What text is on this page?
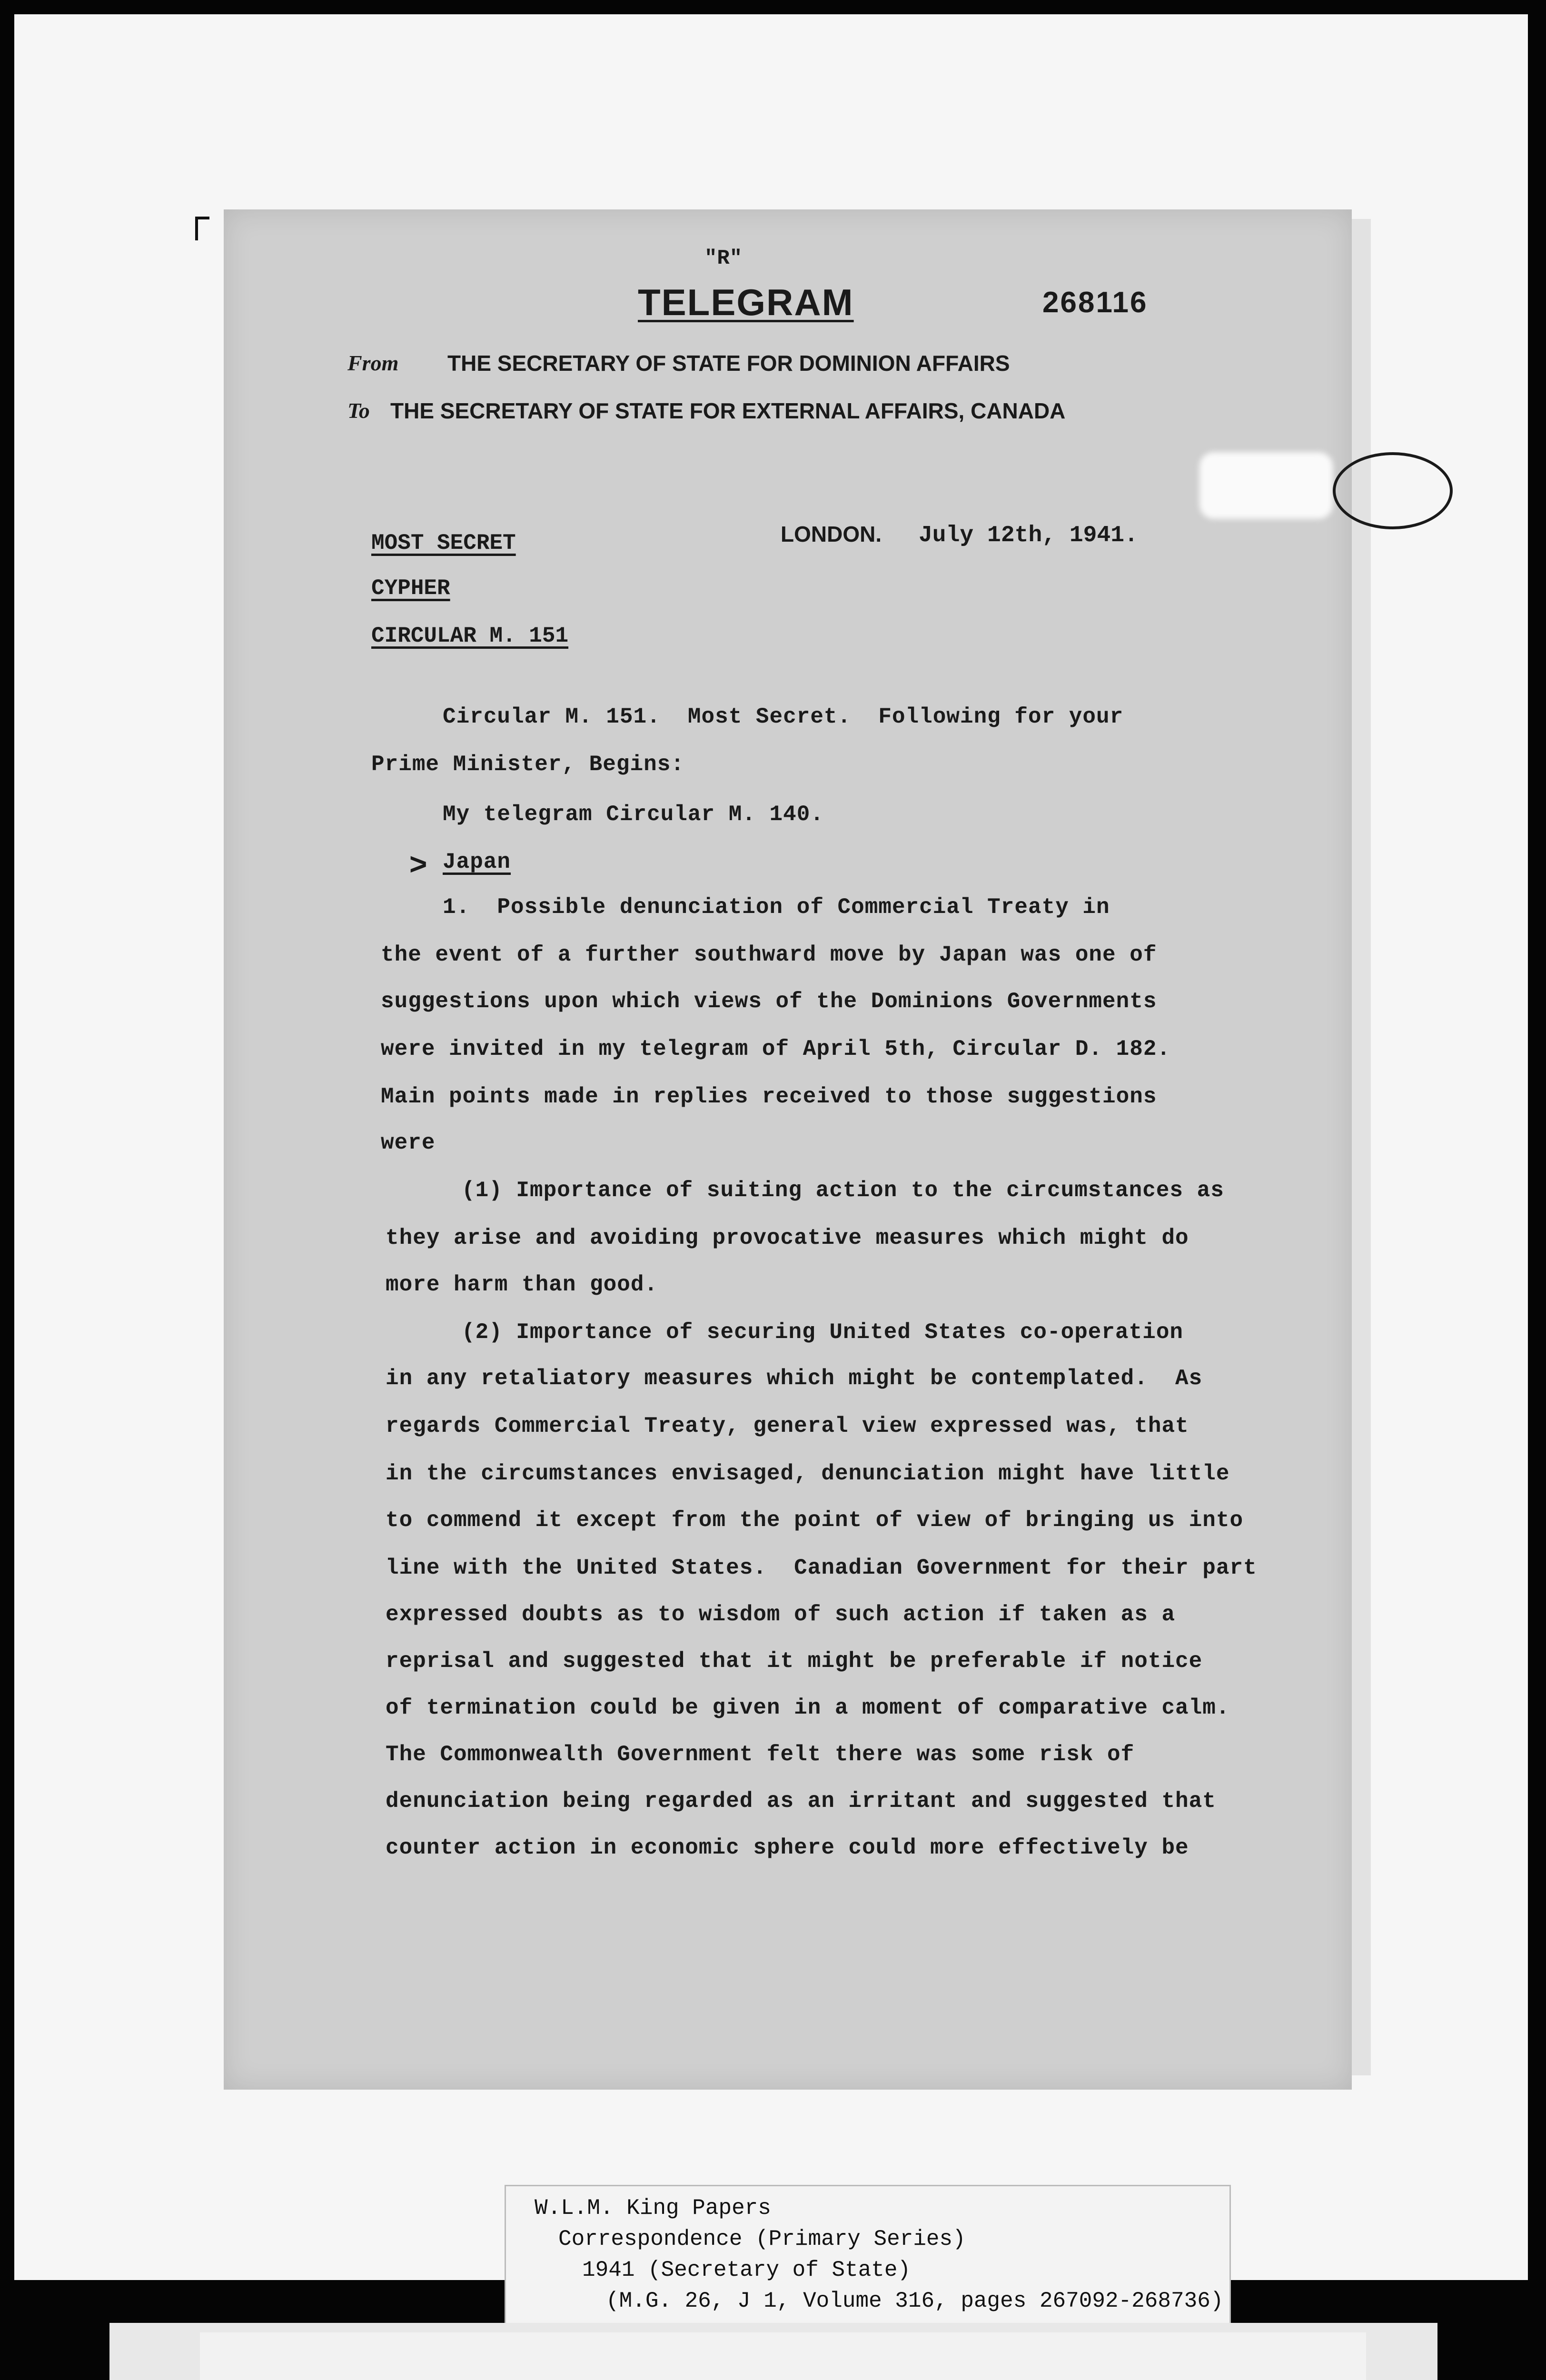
"R"
TELEGRAM	268116
From THE SECRETARY OF STATE FOR DOMINION AFFAIRS
To THE SECRETARY OF STATE FOR EXTERNAL AFFAIRS, CANADA
MOST SECRET	LONDON. July 12th, 1941.
CYPHER
CIRCULAR M. 151
Circular M. 151.  Most Secret.  Following for your
Prime Minister, Begins:
My telegram Circular M. 140.
> Japan
1.  Possible denunciation of Commercial Treaty in
the event of a further southward move by Japan was one of
suggestions upon which views of the Dominions Governments
were invited in my telegram of April 5th, Circular D. 182.
Main points made in replies received to those suggestions
were
(1) Importance of suiting action to the circumstances as
they arise and avoiding provocative measures which might do
more harm than good.
(2) Importance of securing United States co-operation
in any retaliatory measures which might be contemplated.  As
regards Commercial Treaty, general view expressed was, that
in the circumstances envisaged, denunciation might have little
to commend it except from the point of view of bringing us into
line with the United States.  Canadian Government for their part
expressed doubts as to wisdom of such action if taken as a
reprisal and suggested that it might be preferable if notice
of termination could be given in a moment of comparative calm.
The Commonwealth Government felt there was some risk of
denunciation being regarded as an irritant and suggested that
counter action in economic sphere could more effectively be
W.L.M. King Papers
Correspondence (Primary Series)
1941 (Secretary of State)
(M.G. 26, J 1, Volume 316, pages 267092-268736)
